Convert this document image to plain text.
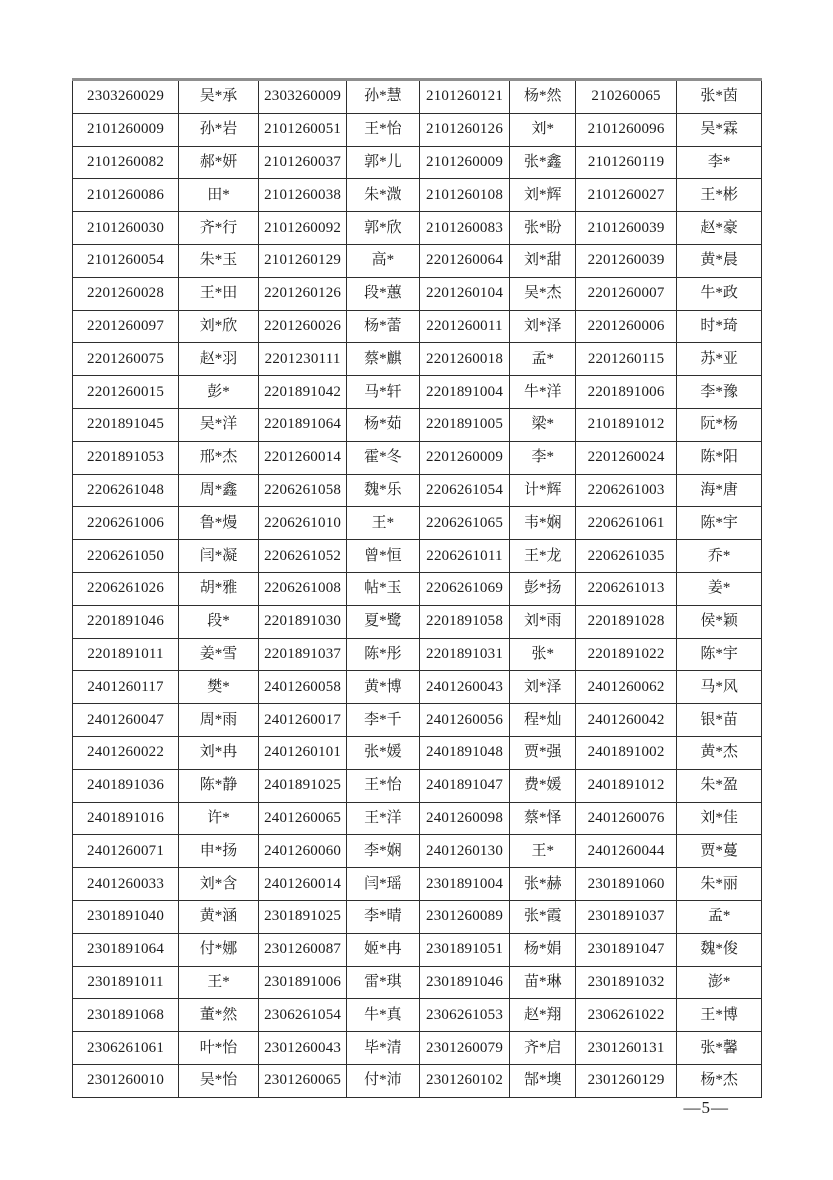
2303260029	吴*承	2303260009	孙*慧	2101260121	杨*然	210260065	张*茵
2101260009	孙*岩	2101260051	王*怡	2101260126	刘*	2101260096	吴*霖
2101260082	郝*妍	2101260037	郭*儿	2101260009	张*鑫	2101260119	李*
2101260086	田*	2101260038	朱*溦	2101260108	刘*辉	2101260027	王*彬
2101260030	齐*行	2101260092	郭*欣	2101260083	张*盼	2101260039	赵*豪
2101260054	朱*玉	2101260129	高*	2201260064	刘*甜	2201260039	黄*晨
2201260028	王*田	2201260126	段*蕙	2201260104	吴*杰	2201260007	牛*政
2201260097	刘*欣	2201260026	杨*蕾	2201260011	刘*泽	2201260006	时*琦
2201260075	赵*羽	2201230111	蔡*麒	2201260018	孟*	2201260115	苏*亚
2201260015	彭*	2201891042	马*轩	2201891004	牛*洋	2201891006	李*豫
2201891045	吴*洋	2201891064	杨*茹	2201891005	梁*	2101891012	阮*杨
2201891053	邢*杰	2201260014	霍*冬	2201260009	李*	2201260024	陈*阳
2206261048	周*鑫	2206261058	魏*乐	2206261054	计*辉	2206261003	海*唐
2206261006	鲁*熳	2206261010	王*	2206261065	韦*娴	2206261061	陈*宇
2206261050	闫*凝	2206261052	曾*恒	2206261011	王*龙	2206261035	乔*
2206261026	胡*雅	2206261008	帖*玉	2206261069	彭*扬	2206261013	姜*
2201891046	段*	2201891030	夏*鹭	2201891058	刘*雨	2201891028	侯*颖
2201891011	姜*雪	2201891037	陈*彤	2201891031	张*	2201891022	陈*宇
2401260117	樊*	2401260058	黄*博	2401260043	刘*泽	2401260062	马*风
2401260047	周*雨	2401260017	李*千	2401260056	程*灿	2401260042	银*苗
2401260022	刘*冉	2401260101	张*媛	2401891048	贾*强	2401891002	黄*杰
2401891036	陈*静	2401891025	王*怡	2401891047	费*媛	2401891012	朱*盈
2401891016	许*	2401260065	王*洋	2401260098	蔡*怿	2401260076	刘*佳
2401260071	申*扬	2401260060	李*娴	2401260130	王*	2401260044	贾*蔓
2401260033	刘*含	2401260014	闫*瑶	2301891004	张*赫	2301891060	朱*丽
2301891040	黄*涵	2301891025	李*晴	2301260089	张*霞	2301891037	孟*
2301891064	付*娜	2301260087	姬*冉	2301891051	杨*娟	2301891047	魏*俊
2301891011	王*	2301891006	雷*琪	2301891046	苗*琳	2301891032	澎*
2301891068	董*然	2306261054	牛*真	2306261053	赵*翔	2306261022	王*博
2306261061	叶*怡	2301260043	毕*清	2301260079	齐*启	2301260131	张*馨
2301260010	吴*怡	2301260065	付*沛	2301260102	郜*墺	2301260129	杨*杰
—5—
